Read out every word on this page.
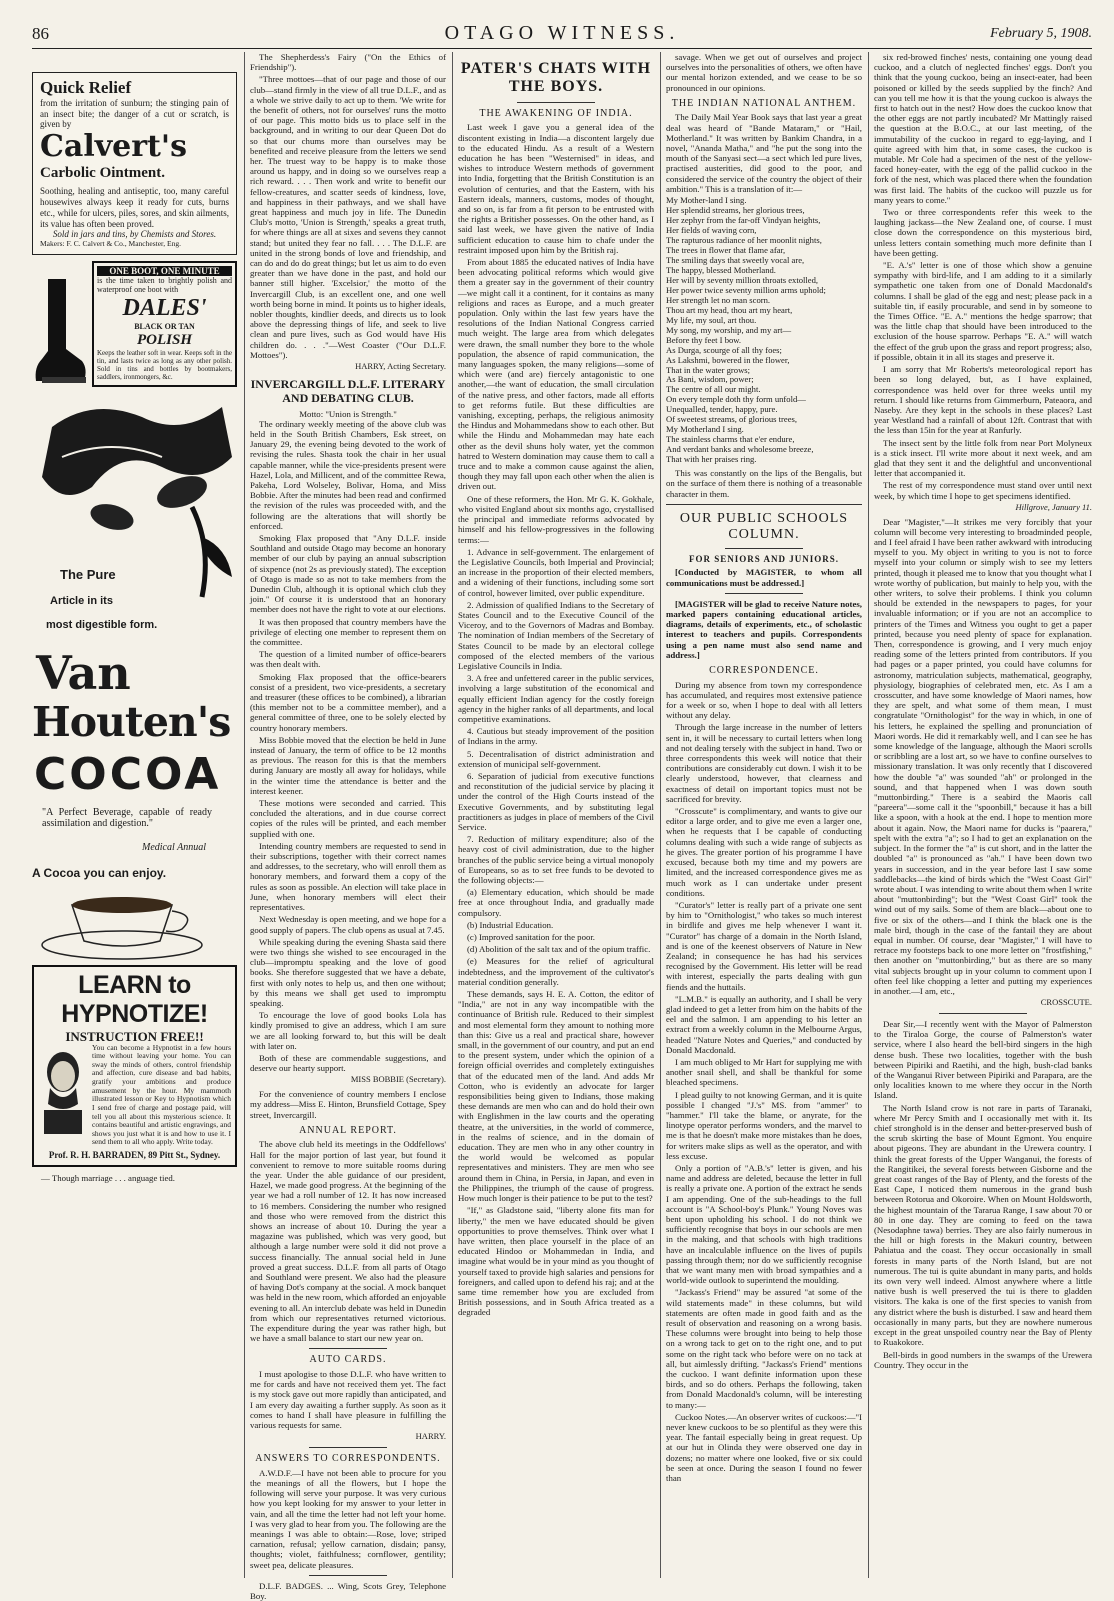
86	OTAGO WITNESS.	February 5, 1908.
Quick Relief
from the irritation of sunburn; the stinging pain of an insect bite; the danger of a cut or scratch, is given by
Calvert's
Carbolic Ointment.
Soothing, healing and antiseptic, too, many careful housewives always keep it ready for cuts, burns etc., while for ulcers, piles, sores, and skin ailments, its value has often been proved.
Sold in jars and tins, by Chemists and Stores.
Makers: F. C. Calvert & Co., Manchester, Eng.
ONE BOOT, ONE MINUTE
is the time taken to brightly polish and waterproof one boot with
DALES'
BLACK OR TAN
POLISH
Keeps the leather soft in wear. Keeps soft in the tin, and lasts twice as long as any other polish. Sold in tins and bottles by bootmakers, saddlers, ironmongers, &c.
The Pure
Article in its
most digestible form.
Van
Houten's
COCOA
"A Perfect Beverage, capable of ready assimilation and digestion."
Medical Annual
A Cocoa you can enjoy.
LEARN to HYPNOTIZE!
INSTRUCTION FREE!!
You can become a Hypnotist in a few hours time without leaving your home. You can sway the minds of others, control friendship and affection, cure disease and bad habits, gratify your ambitions and produce amusement by the hour. My mammoth illustrated lesson or Key to Hypnotism which I send free of charge and postage paid, will tell you all about this mysterious science. It contains beautiful and artistic engravings, and shows you just what it is and how to use it. I send them to all who apply. Write today.
Prof. R. H. BARRADEN, 89 Pitt St., Sydney.

— Though marriage . . . anguage tied.

The Shepherdess's Fairy ("On the Ethics of Friendship").

"Three mottoes—that of our page and those of our club—stand firmly in the view of all true D.L.F., and as a whole we strive daily to act up to them. 'We write for the benefit of others, not for ourselves' runs the motto of our page. This motto bids us to place self in the background, and in writing to our dear Queen Dot do so that our chums more than ourselves may be benefited and receive pleasure from the letters we send her. The truest way to be happy is to make those around us happy, and in doing so we ourselves reap a rich reward. . . . Then work and write to benefit our fellow-creatures, and scatter seeds of kindness, love, and happiness in their pathways, and we shall have great happiness and much joy in life. The Dunedin Club's motto, 'Union is Strength,' speaks a great truth, for where things are all at sixes and sevens they cannot stand; but united they fear no fall. . . . The D.L.F. are united in the strong bonds of love and friendship, and can do and do do great things; but let us aim to do even greater than we have done in the past, and hold our banner still higher. 'Excelsior,' the motto of the Invercargill Club, is an excellent one, and one well worth being borne in mind. It points us to higher ideals, nobler thoughts, kindlier deeds, and directs us to look above the depressing things of life, and seek to live clean and pure lives, such as God would have His children do. . . ."—West Coaster ("Our D.L.F. Mottoes").

HARRY, Acting Secretary.
INVERCARGILL D.L.F. LITERARY AND DEBATING CLUB.
Motto: "Union is Strength."

The ordinary weekly meeting of the above club was held in the South British Chambers, Esk street, on January 29, the evening being devoted to the work of revising the rules. Shasta took the chair in her usual capable manner, while the vice-presidents present were Hazel, Lola, and Millicent, and of the committee Rewa, Pakeha, Lord Wolseley, Bolivar, Homa, and Miss Bobbie. After the minutes had been read and confirmed the revision of the rules was proceeded with, and the following are the alterations that will shortly be enforced.

Smoking Flax proposed that "Any D.L.F. inside Southland and outside Otago may become an honorary member of our club by paying an annual subscription of sixpence (not 2s as previously stated). The exception of Otago is made so as not to take members from the Dunedin Club, although it is optional which club they join." Of course it is understood that an honorary member does not have the right to vote at our elections.

It was then proposed that country members have the privilege of electing one member to represent them on the committee.

The question of a limited number of office-bearers was then dealt with.

Smoking Flax proposed that the office-bearers consist of a president, two vice-presidents, a secretary and treasurer (these offices to be combined), a librarian (this member not to be a committee member), and a general committee of three, one to be solely elected by country honorary members.

Miss Bobbie moved that the election be held in June instead of January, the term of office to be 12 months as previous. The reason for this is that the members during January are mostly all away for holidays, while in the winter time the attendance is better and the interest keener.

These motions were seconded and carried. This concluded the alterations, and in due course correct copies of the rules will be printed, and each member supplied with one.

Intending country members are requested to send in their subscriptions, together with their correct names and addresses, to the secretary, who will enroll them as honorary members, and forward them a copy of the rules as soon as possible. An election will take place in June, when honorary members will elect their representatives.

Next Wednesday is open meeting, and we hope for a good supply of papers. The club opens as usual at 7.45.

While speaking during the evening Shasta said there were two things she wished to see encouraged in the club—impromptu speaking and the love of good books. She therefore suggested that we have a debate, first with only notes to help us, and then one without; by this means we shall get used to impromptu speaking.

To encourage the love of good books Lola has kindly promised to give an address, which I am sure we are all looking forward to, but this will be dealt with later on.

Both of these are commendable suggestions, and deserve our hearty support.

MISS BOBBIE (Secretary).

For the convenience of country members I enclose my address—Miss E. Hinton, Brunsfield Cottage, Spey street, Invercargill.

ANNUAL REPORT.

The above club held its meetings in the Oddfellows' Hall for the major portion of last year, but found it convenient to remove to more suitable rooms during the year. Under the able guidance of our president, Hazel, we made good progress. At the beginning of the year we had a roll number of 12. It has now increased to 16 members. Considering the number who resigned and those who were removed from the district this shows an increase of about 10. During the year a magazine was published, which was very good, but although a large number were sold it did not prove a success financially. The annual social held in June proved a great success. D.L.F. from all parts of Otago and Southland were present. We also had the pleasure of having Dot's company at the social. A mock banquet was held in the new room, which afforded an enjoyable evening to all. An interclub debate was held in Dunedin from which our representatives returned victorious. The expenditure during the year was rather high, but we have a small balance to start our new year on.

AUTO CARDS.

I must apologise to those D.L.F. who have written to me for cards and have not received them yet. The fact is my stock gave out more rapidly than anticipated, and I am every day awaiting a further supply. As soon as it comes to hand I shall have pleasure in fulfilling the various requests for same.

HARRY.
ANSWERS TO CORRESPONDENTS.

A.W.D.F.—I have not been able to procure for you the meanings of all the flowers, but I hope the following will serve your purpose. It was very curious how you kept looking for my answer to your letter in vain, and all the time the letter had not left your home. I was very glad to hear from you. The following are the meanings I was able to obtain:—Rose, love; striped carnation, refusal; yellow carnation, disdain; pansy, thoughts; violet, faithfulness; cornflower, gentility; sweet pea, delicate pleasures.

D.L.F. BADGES. ... Wing, Scots Grey, Telephone Boy.

PATER'S CHATS WITH THE BOYS.
THE AWAKENING OF INDIA.

Last week I gave you a general idea of the discontent existing in India—a discontent largely due to the educated Hindu. As a result of a Western education he has been "Westernised" in ideas, and wishes to introduce Western methods of government into India, forgetting that the British Constitution is an evolution of centuries, and that the Eastern, with his Eastern ideals, manners, customs, modes of thought, and so on, is far from a fit person to be entrusted with the rights a Britisher possesses. On the other hand, as I said last week, we have given the native of India sufficient education to cause him to chafe under the restraint imposed upon him by the British raj.

From about 1885 the educated natives of India have been advocating political reforms which would give them a greater say in the government of their country—we might call it a continent, for it contains as many religions and races as Europe, and a much greater population. Only within the last few years have the resolutions of the Indian National Congress carried much weight. The large area from which delegates were drawn, the small number they bore to the whole population, the absence of rapid communication, the many languages spoken, the many religions—some of which were (and are) fiercely antagonistic to one another,—the want of education, the small circulation of the native press, and other factors, made all efforts to get reforms futile. But these difficulties are vanishing, excepting, perhaps, the religious animosity the Hindus and Mohammedans show to each other. But while the Hindu and Mohammedan may hate each other as the devil shuns holy water, yet the common hatred to Western domination may cause them to call a truce and to make a common cause against the alien, though they may fall upon each other when the alien is driven out.

One of these reformers, the Hon. Mr G. K. Gokhale, who visited England about six months ago, crystallised the principal and immediate reforms advocated by himself and his fellow-progressives in the following terms:—

1. Advance in self-government. The enlargement of the Legislative Councils, both Imperial and Provincial; an increase in the proportion of their elected members, and a widening of their functions, including some sort of control, however limited, over public expenditure.

2. Admission of qualified Indians to the Secretary of States Council and to the Executive Council of the Viceroy, and to the Governors of Madras and Bombay. The nomination of Indian members of the Secretary of States Council to be made by an electoral college composed of the elected members of the various Legislative Councils in India.

3. A free and unfettered career in the public services, involving a large substitution of the economical and equally efficient Indian agency for the costly foreign agency in the higher ranks of all departments, and local competitive examinations.

4. Cautious but steady improvement of the position of Indians in the army.

5. Decentralisation of district administration and extension of municipal self-government.

6. Separation of judicial from executive functions and reconstitution of the judicial service by placing it under the control of the High Courts instead of the Executive Governments, and by substituting legal practitioners as judges in place of members of the Civil Service.

7. Reduction of military expenditure; also of the heavy cost of civil administration, due to the higher branches of the public service being a virtual monopoly of Europeans, so as to set free funds to be devoted to the following objects:—

(a) Elementary education, which should be made free at once throughout India, and gradually made compulsory.

(b) Industrial Education.

(c) Improved sanitation for the poor.

(d) Abolition of the salt tax and of the opium traffic.

(e) Measures for the relief of agricultural indebtedness, and the improvement of the cultivator's material condition generally.

These demands, says H. E. A. Cotton, the editor of "India," are not in any way incompatible with the continuance of British rule. Reduced to their simplest and most elemental form they amount to nothing more than this: Give us a real and practical share, however small, in the government of our country, and put an end to the present system, under which the opinion of a foreign official overrides and completely extinguishes that of the educated men of the land. And adds Mr Cotton, who is evidently an advocate for larger responsibilities being given to Indians, those making these demands are men who can and do hold their own with Englishmen in the law courts and the operating theatre, at the universities, in the world of commerce, in the realms of science, and in the domain of education. They are men who in any other country in the world would be welcomed as popular representatives and ministers. They are men who see around them in China, in Persia, in Japan, and even in the Philippines, the triumph of the cause of progress. How much longer is their patience to be put to the test?

"If," as Gladstone said, "liberty alone fits man for liberty," the men we have educated should be given opportunities to prove themselves. Think over what I have written, then place yourself in the place of an educated Hindoo or Mohammedan in India, and imagine what would be in your mind as you thought of yourself taxed to provide high salaries and pensions for foreigners, and called upon to defend his raj; and at the same time remember how you are excluded from British possessions, and in South Africa treated as a degraded

savage. When we get out of ourselves and project ourselves into the personalities of others, we often have our mental horizon extended, and we cease to be so pronounced in our opinions.

THE INDIAN NATIONAL ANTHEM.

The Daily Mail Year Book says that last year a great deal was heard of "Bande Mataram," or "Hail, Motherland." It was written by Bankim Chandra, in a novel, "Ananda Matha," and "he put the song into the mouth of the Sanyasi sect—a sect which led pure lives, practised austerities, did good to the poor, and considered the service of the country the object of their ambition." This is a translation of it:—

My Mother-land I sing.
Her splendid streams, her glorious trees,
Her zephyr from the far-off Vindyan heights,
Her fields of waving corn,
The rapturous radiance of her moonlit nights,
The trees in flower that flame afar,
The smiling days that sweetly vocal are,
The happy, blessed Motherland.
Her will by seventy million throats extolled,
Her power twice seventy million arms uphold;
Her strength let no man scorn.
Thou art my head, thou art my heart,
My life, my soul, art thou.
My song, my worship, and my art—
Before thy feet I bow.
As Durga, scourge of all thy foes;
As Lakshmi, bowered in the flower,
That in the water grows;
As Bani, wisdom, power;
The centre of all our might.
On every temple doth thy form unfold—
Unequalled, tender, happy, pure.
Of sweetest streams, of glorious trees,
My Motherland I sing.
The stainless charms that e'er endure,
And verdant banks and wholesome breeze,
That with her praises ring.

This was constantly on the lips of the Bengalis, but on the surface of them there is nothing of a treasonable character in them.

OUR PUBLIC SCHOOLS COLUMN.
FOR SENIORS AND JUNIORS.

[Conducted by MAGISTER, to whom all communications must be addressed.]

[MAGISTER will be glad to receive Nature notes, marked papers containing educational articles, diagrams, details of experiments, etc., of scholastic interest to teachers and pupils. Correspondents using a pen name must also send name and address.]

CORRESPONDENCE.

During my absence from town my correspondence has accumulated, and requires most extensive patience for a week or so, when I hope to deal with all letters without any delay.

Through the large increase in the number of letters sent in, it will be necessary to curtail letters when long and not dealing tersely with the subject in hand. Two or three correspondents this week will notice that their contributions are considerably cut down. I wish it to be clearly understood, however, that clearness and exactness of detail on important topics must not be sacrificed for brevity.

"Crosscute" is complimentary, and wants to give our editor a large order, and to give me even a larger one, when he requests that I be capable of conducting columns dealing with such a wide range of subjects as he gives. The greater portion of his programme I have excused, because both my time and my powers are limited, and the increased correspondence gives me as much work as I can undertake under present conditions.

"Curator's" letter is really part of a private one sent by him to "Ornithologist," who takes so much interest in birdlife and gives me help whenever I want it. "Curator" has charge of a domain in the North Island, and is one of the keenest observers of Nature in New Zealand; in consequence he has had his services recognised by the Government. His letter will be read with interest, especially the parts dealing with gun fiends and the huttails.

"L.M.B." is equally an authority, and I shall be very glad indeed to get a letter from him on the habits of the eel and the salmon. I am appending to his letter an extract from a weekly column in the Melbourne Argus, headed "Nature Notes and Queries," and conducted by Donald Macdonald.

I am much obliged to Mr Hart for supplying me with another snail shell, and shall be thankful for some bleached specimens.

I plead guilty to not knowing German, and it is quite possible I changed "J.'s" MS. from "ammer" to "hammer." I'll take the blame, or anyrate, for the linotype operator performs wonders, and the marvel to me is that he doesn't make more mistakes than he does, for writers make slips as well as the operator, and with less excuse.

Only a portion of "A.B.'s" letter is given, and his name and address are deleted, because the letter in full is really a private one. A portion of the extract he sends I am appending. One of the sub-headings to the full account is "A School-boy's Plunk." Young Noves was bent upon upholding his school. I do not think we sufficiently recognise that boys in our schools are men in the making, and that schools with high traditions have an incalculable influence on the lives of pupils passing through them; nor do we sufficiently recognise that we want many men with broad sympathies and a world-wide outlook to superintend the moulding.

"Jackass's Friend" may be assured "at some of the wild statements made" in these columns, but wild statements are often made in good faith and as the result of observation and reasoning on a wrong basis. These columns were brought into being to help those on a wrong tack to get on to the right one, and to put some on the right tack who before were on no tack at all, but aimlessly drifting. "Jackass's Friend" mentions the cuckoo. I want definite information upon these birds, and so do others. Perhaps the following, taken from Donald Macdonald's column, will be interesting to many:—

Cuckoo Notes.—An observer writes of cuckoos:—"I never knew cuckoos to be so plentiful as they were this year. The fantail especially being in great request. Up at our hut in Olinda they were observed one day in dozens; no matter where one looked, five or six could be seen at once. During the season I found no fewer than

six red-browed finches' nests, containing one young dead cuckoo, and a clutch of neglected finches' eggs. Don't you think that the young cuckoo, being an insect-eater, had been poisoned or killed by the seeds supplied by the finch? And can you tell me how it is that the young cuckoo is always the first to hatch out in the nest? How does the cuckoo know that the other eggs are not partly incubated? Mr Mattingly raised the question at the B.O.C., at our last meeting, of the immutability of the cuckoo in regard to egg-laying, and I quite agreed with him that, in some cases, the cuckoo is mutable. Mr Cole had a specimen of the nest of the yellow-faced honey-eater, with the egg of the pallid cuckoo in the fork of the nest, which was placed there when the foundation was first laid. The habits of the cuckoo will puzzle us for many years to come."

Two or three correspondents refer this week to the laughing jackass—the New Zealand one, of course. I must close down the correspondence on this mysterious bird, unless letters contain something much more definite than I have been getting.

"E. A.'s" letter is one of those which show a genuine sympathy with bird-life, and I am adding to it a similarly sympathetic one taken from one of Donald Macdonald's columns. I shall be glad of the egg and nest; please pack in a suitable tin, if easily procurable, and send in by someone to the Times Office. "E. A." mentions the hedge sparrow; that was the little chap that should have been introduced to the exclusion of the house sparrow. Perhaps "E. A." will watch the effect of the grub upon the grass and report progress; also, if possible, obtain it in all its stages and preserve it.

I am sorry that Mr Roberts's meteorological report has been so long delayed, but, as I have explained, correspondence was held over for three weeks until my return. I should like returns from Gimmerburn, Pateaora, and Naseby. Are they kept in the schools in these places? Last year Westland had a rainfall of about 12ft. Contrast that with the less than 15in for the year at Ranfurly.

The insect sent by the little folk from near Port Molyneux is a stick insect. I'll write more about it next week, and am glad that they sent it and the delightful and unconventional letter that accompanied it.

The rest of my correspondence must stand over until next week, by which time I hope to get specimens identified.

Hillgrove, January 11.

Dear "Magister,"—It strikes me very forcibly that your column will become very interesting to broadminded people, and I feel afraid I have been rather awkward with introducing myself to you. My object in writing to you is not to force myself into your column or simply wish to see my letters printed, though it pleased me to know that you thought what I wrote worthy of publication, but mainly to help you, with the other writers, to solve their problems. I think you column should be extended in the newspapers to pages, for your invaluable information; or if you are not an accomplice to printers of the Times and Witness you ought to get a paper printed, because you need plenty of space for explanation. Then, correspondence is growing, and I very much enjoy reading some of the letters printed from contributors. If you had pages or a paper printed, you could have columns for astronomy, matriculation subjects, mathematical, geography, physiology, biographies of celebrated men, etc. As I am a crosscutter, and have some knowledge of Maori names, how they are spelt, and what some of them mean, I must congratulate "Ornithologist" for the way in which, in one of his letters, he explained the spelling and pronunciation of Maori words. He did it remarkably well, and I can see he has some knowledge of the language, although the Maori scrolls or scribbling are a lost art, so we have to confine ourselves to missionary translation. It was only recently that I discovered how the double "a" was sounded "ah" or prolonged in the sound, and that happened when I was down south "muttonbirding." There is a seabird the Maoris call "pareera"—some call it the "spoonbill," because it has a bill like a spoon, with a hook at the end. I hope to mention more about it again. Now, the Maori name for ducks is "paarera," spelt with the extra "a"; so I had to get an explanation on the subject. In the former the "a" is cut short, and in the latter the doubled "a" is pronounced as "ah." I have been down two years in succession, and in the year before last I saw some saddlebacks—the kind of birds which the "West Coast Girl" wrote about. I was intending to write about them when I write about "muttonbirding"; but the "West Coast Girl" took the wind out of my sails. Some of them are black—about one to five or six of the others—and I think the black one is the male bird, though in the case of the fantail they are about equal in number. Of course, dear "Magister," I will have to retrace my footsteps back to one more letter on "frostfishing," then another on "muttonbirding," but as there are so many vital subjects brought up in your column to comment upon I often feel like chopping a letter and putting my experiences in another.—I am, etc.,

CROSSCUTE.

Dear Sir,—I recently went with the Mayor of Palmerston to the Tiraloa Gorge, the course of Palmerston's water service, where I also heard the bell-bird singers in the high dense bush. These two localities, together with the bush between Pipiriki and Raetihi, and the high, bush-clad banks of the Wanganui River between Pipiriki and Parapara, are the only localities known to me where they occur in the North Island.

The North Island crow is not rare in parts of Taranaki, where Mr Percy Smith and I occasionally met with it. Its chief stronghold is in the denser and better-preserved bush of the scrub skirting the base of Mount Egmont. You enquire about pigeons. They are abundant in the Urewera country. I think the great forests of the Upper Wanganui, the forests of the Rangitikei, the several forests between Gisborne and the great coast ranges of the Bay of Plenty, and the forests of the East Cape, I noticed them numerous in the grand bush between Rotorua and Okoroire. When on Mount Holdsworth, the highest mountain of the Tararua Range, I saw about 70 or 80 in one day. They are coming to feed on the tawa (Nesodaphne tawa) berries. They are also fairly numerous in the hill or high forests in the Makuri country, between Pahiatua and the coast. They occur occasionally in small forests in many parts of the North Island, but are not numerous. The tui is quite abundant in many parts, and holds its own very well indeed. Almost anywhere where a little native bush is well preserved the tui is there to gladden visitors. The kaka is one of the first species to vanish from any district where the bush is disturbed. I saw and heard them occasionally in many parts, but they are nowhere numerous except in the great unspoiled country near the Bay of Plenty to Ruakokore.

Bell-birds in good numbers in the swamps of the Urewera Country. They occur in the
